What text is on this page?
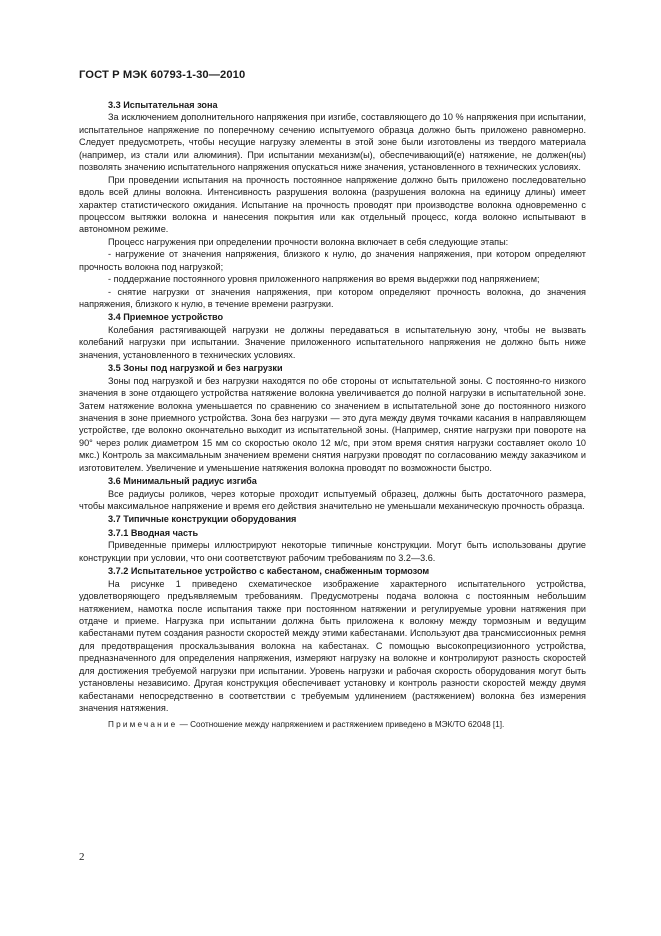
ГОСТ Р МЭК 60793-1-30—2010

3.3 Испытательная зона

За исключением дополнительного напряжения при изгибе, составляющего до 10 % напряжения при испытании, испытательное напряжение по поперечному сечению испытуемого образца должно быть приложено равномерно. Следует предусмотреть, чтобы несущие нагрузку элементы в этой зоне были изготовлены из твердого материала (например, из стали или алюминия). При испытании механизм(ы), обеспечивающий(е) натяжение, не должен(ны) позволять значению испытательного напряжения опускаться ниже значения, установленного в технических условиях.

При проведении испытания на прочность постоянное напряжение должно быть приложено последовательно вдоль всей длины волокна. Интенсивность разрушения волокна (разрушения волокна на единицу длины) имеет характер статистического ожидания. Испытание на прочность проводят при производстве волокна одновременно с процессом вытяжки волокна и нанесения покрытия или как отдельный процесс, когда волокно испытывают в автономном режиме.

Процесс нагружения при определении прочности волокна включает в себя следующие этапы:

- нагружение от значения напряжения, близкого к нулю, до значения напряжения, при котором определяют прочность волокна под нагрузкой;

- поддержание постоянного уровня приложенного напряжения во время выдержки под напряжением;

- снятие нагрузки от значения напряжения, при котором определяют прочность волокна, до значения напряжения, близкого к нулю, в течение времени разгрузки.

3.4 Приемное устройство

Колебания растягивающей нагрузки не должны передаваться в испытательную зону, чтобы не вызвать колебаний нагрузки при испытании. Значение приложенного испытательного напряжения не должно быть ниже значения, установленного в технических условиях.

3.5 Зоны под нагрузкой и без нагрузки

Зоны под нагрузкой и без нагрузки находятся по обе стороны от испытательной зоны. С постоянно-го низкого значения в зоне отдающего устройства натяжение волокна увеличивается до полной нагрузки в испытательной зоне. Затем натяжение волокна уменьшается по сравнению со значением в испытательной зоне до постоянного низкого значения в зоне приемного устройства. Зона без нагрузки — это дуга между двумя точками касания в направляющем устройстве, где волокно окончательно выходит из испытательной зоны. (Например, снятие нагрузки при повороте на 90° через ролик диаметром 15 мм со скоростью около 12 м/с, при этом время снятия нагрузки составляет около 10 мкс.) Контроль за максимальным значением времени снятия нагрузки проводят по согласованию между заказчиком и изготовителем. Увеличение и уменьшение натяжения волокна проводят по возможности быстро.

3.6 Минимальный радиус изгиба

Все радиусы роликов, через которые проходит испытуемый образец, должны быть достаточного размера, чтобы максимальное напряжение и время его действия значительно не уменьшали механическую прочность образца.

3.7 Типичные конструкции оборудования

3.7.1 Вводная часть

Приведенные примеры иллюстрируют некоторые типичные конструкции. Могут быть использованы другие конструкции при условии, что они соответствуют рабочим требованиям по 3.2—3.6.

3.7.2 Испытательное устройство с кабестаном, снабженным тормозом

На рисунке 1 приведено схематическое изображение характерного испытательного устройства, удовлетворяющего предъявляемым требованиям. Предусмотрены подача волокна с постоянным небольшим натяжением, намотка после испытания также при постоянном натяжении и регулируемые уровни натяжения при отдаче и приеме. Нагрузка при испытании должна быть приложена к волокну между тормозным и ведущим кабестанами путем создания разности скоростей между этими кабестанами. Используют два трансмиссионных ремня для предотвращения проскальзывания волокна на кабестанах. С помощью высокопрецизионного устройства, предназначенного для определения напряжения, измеряют нагрузку на волокне и контролируют разность скоростей для достижения требуемой нагрузки при испытании. Уровень нагрузки и рабочая скорость оборудования могут быть установлены независимо. Другая конструкция обеспечивает установку и контроль разности скоростей между двумя кабестанами непосредственно в соответствии с требуемым удлинением (растяжением) волокна без измерения значения натяжения.

Примечание — Соотношение между напряжением и растяжением приведено в МЭК/ТО 62048 [1].

2
